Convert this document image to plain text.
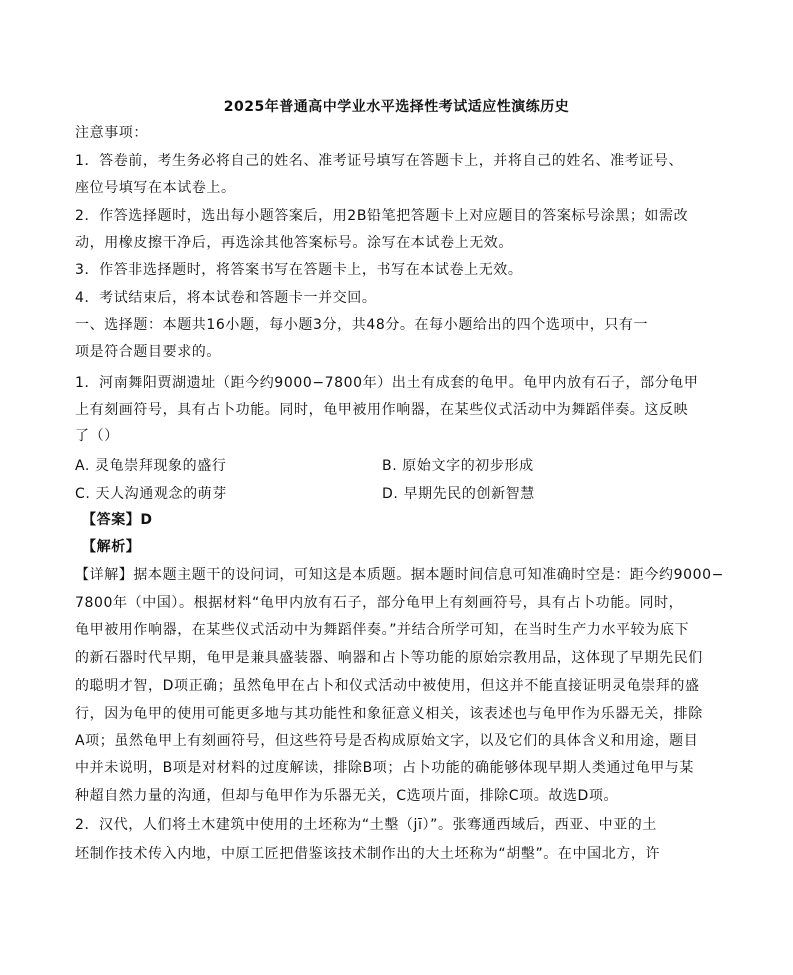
2025年普通高中学业水平选择性考试适应性演练历史
注意事项：
1．答卷前，考生务必将自己的姓名、准考证号填写在答题卡上，并将自己的姓名、准考证号、
座位号填写在本试卷上。
2．作答选择题时，选出每小题答案后，用2B铅笔把答题卡上对应题目的答案标号涂黑；如需改
动，用橡皮擦干净后，再选涂其他答案标号。涂写在本试卷上无效。
3．作答非选择题时，将答案书写在答题卡上，书写在本试卷上无效。
4．考试结束后，将本试卷和答题卡一并交回。
一、选择题：本题共16小题，每小题3分，共48分。在每小题给出的四个选项中，只有一
项是符合题目要求的。
1．河南舞阳贾湖遗址（距今约9000−7800年）出土有成套的龟甲。龟甲内放有石子，部分龟甲
上有刻画符号，具有占卜功能。同时，龟甲被用作响器，在某些仪式活动中为舞蹈伴奏。这反映
了（）
A. 灵龟崇拜现象的盛行	B. 原始文字的初步形成
C. 天人沟通观念的萌芽	D. 早期先民的创新智慧
【答案】D
【解析】
【详解】据本题主题干的设问词，可知这是本质题。据本题时间信息可知准确时空是：距今约9000−
7800年（中国）。根据材料“龟甲内放有石子，部分龟甲上有刻画符号，具有占卜功能。同时，
龟甲被用作响器，在某些仪式活动中为舞蹈伴奏。”并结合所学可知，在当时生产力水平较为底下
的新石器时代早期，龟甲是兼具盛装器、响器和占卜等功能的原始宗教用品，这体现了早期先民们
的聪明才智，D项正确；虽然龟甲在占卜和仪式活动中被使用，但这并不能直接证明灵龟崇拜的盛
行，因为龟甲的使用可能更多地与其功能性和象征意义相关，该表述也与龟甲作为乐器无关，排除
A项；虽然龟甲上有刻画符号，但这些符号是否构成原始文字，以及它们的具体含义和用途，题目
中并未说明，B项是对材料的过度解读，排除B项；占卜功能的确能够体现早期人类通过龟甲与某
种超自然力量的沟通，但却与龟甲作为乐器无关，C选项片面，排除C项。故选D项。
2．汉代，人们将土木建筑中使用的土坯称为“土墼（jī）”。张骞通西域后，西亚、中亚的土
坯制作技术传入内地，中原工匠把借鉴该技术制作出的大土坯称为“胡墼”。在中国北方，许
